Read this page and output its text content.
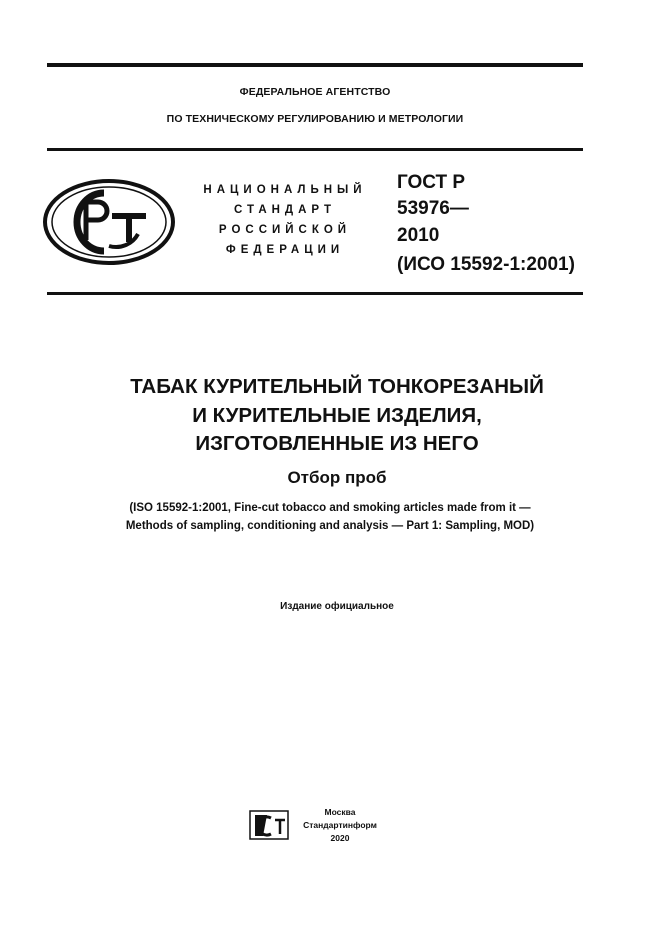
ФЕДЕРАЛЬНОЕ АГЕНТСТВО
ПО ТЕХНИЧЕСКОМУ РЕГУЛИРОВАНИЮ И МЕТРОЛОГИИ
НАЦИОНАЛЬНЫЙ
СТАНДАРТ
РОССИЙСКОЙ
ФЕДЕРАЦИИ
ГОСТ Р
53976—
2010
(ИСО 15592-1:2001)
ТАБАК КУРИТЕЛЬНЫЙ ТОНКОРЕЗАНЫЙ
И КУРИТЕЛЬНЫЕ ИЗДЕЛИЯ,
ИЗГОТОВЛЕННЫЕ ИЗ НЕГО
Отбор проб
(ISO 15592-1:2001, Fine-cut tobacco and smoking articles made from it —
Methods of sampling, conditioning and analysis — Part 1: Sampling, MOD)
Издание официальное
Москва
Стандартинформ
2020
